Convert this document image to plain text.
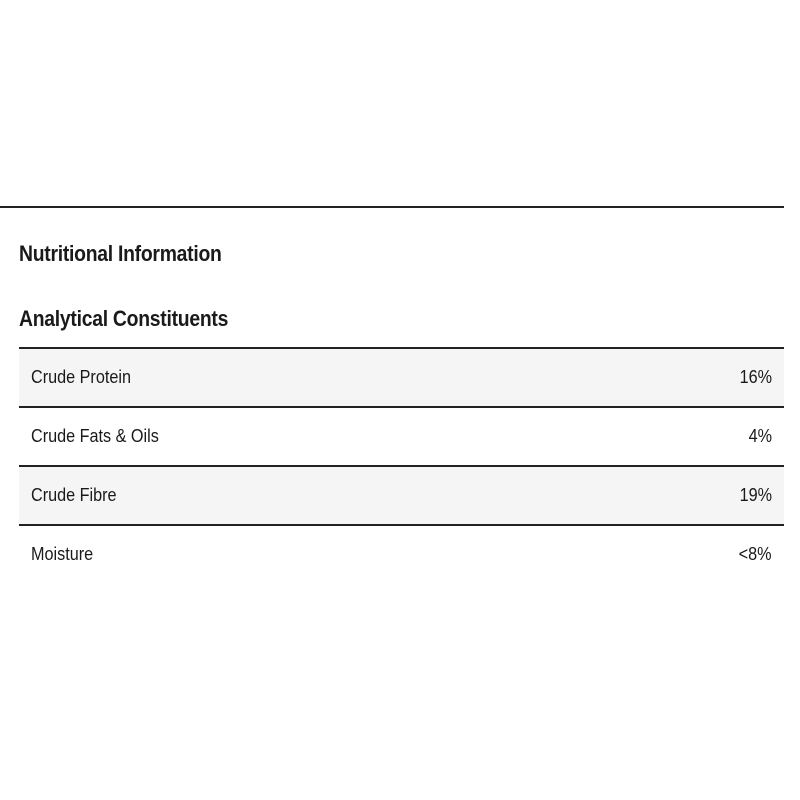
Nutritional Information
Analytical Constituents
Crude Protein	16%
Crude Fats & Oils	4%
Crude Fibre	19%
Moisture	<8%
